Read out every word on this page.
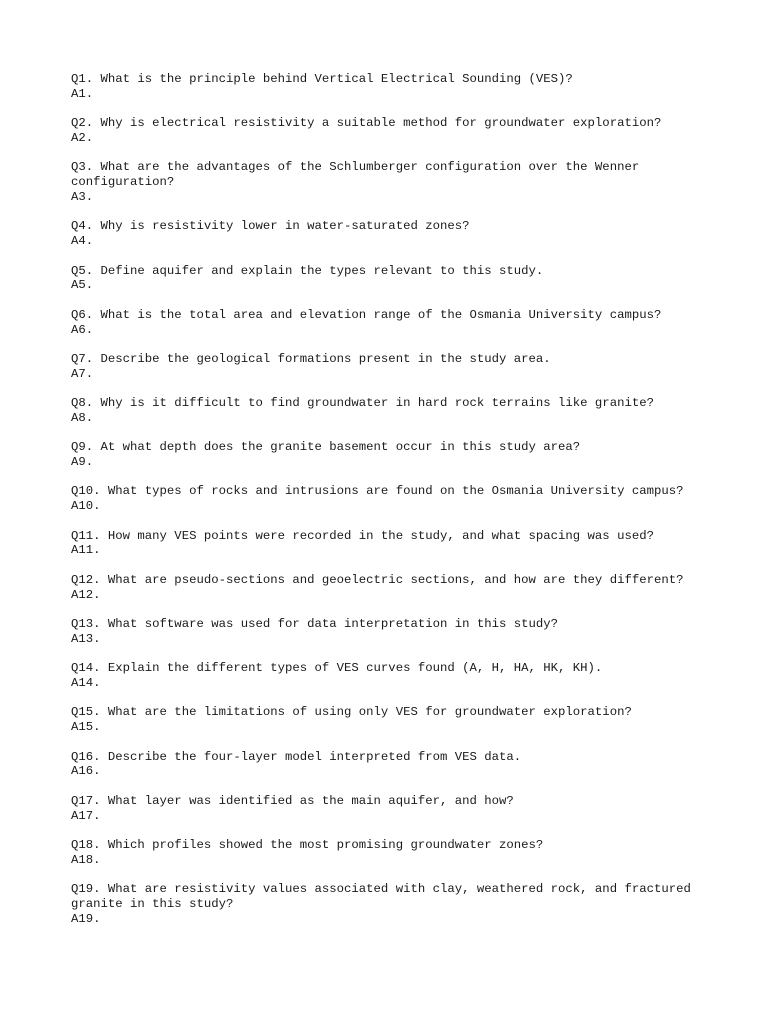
Q1. What is the principle behind Vertical Electrical Sounding (VES)?
A1.
Q2. Why is electrical resistivity a suitable method for groundwater exploration?
A2.
Q3. What are the advantages of the Schlumberger configuration over the Wenner configuration?
A3.
Q4. Why is resistivity lower in water-saturated zones?
A4.
Q5. Define aquifer and explain the types relevant to this study.
A5.
Q6. What is the total area and elevation range of the Osmania University campus?
A6.
Q7. Describe the geological formations present in the study area.
A7.
Q8. Why is it difficult to find groundwater in hard rock terrains like granite?
A8.
Q9. At what depth does the granite basement occur in this study area?
A9.
Q10. What types of rocks and intrusions are found on the Osmania University campus?
A10.
Q11. How many VES points were recorded in the study, and what spacing was used?
A11.
Q12. What are pseudo-sections and geoelectric sections, and how are they different?
A12.
Q13. What software was used for data interpretation in this study?
A13.
Q14. Explain the different types of VES curves found (A, H, HA, HK, KH).
A14.
Q15. What are the limitations of using only VES for groundwater exploration?
A15.
Q16. Describe the four-layer model interpreted from VES data.
A16.
Q17. What layer was identified as the main aquifer, and how?
A17.
Q18. Which profiles showed the most promising groundwater zones?
A18.
Q19. What are resistivity values associated with clay, weathered rock, and fractured granite in this study?
A19.
